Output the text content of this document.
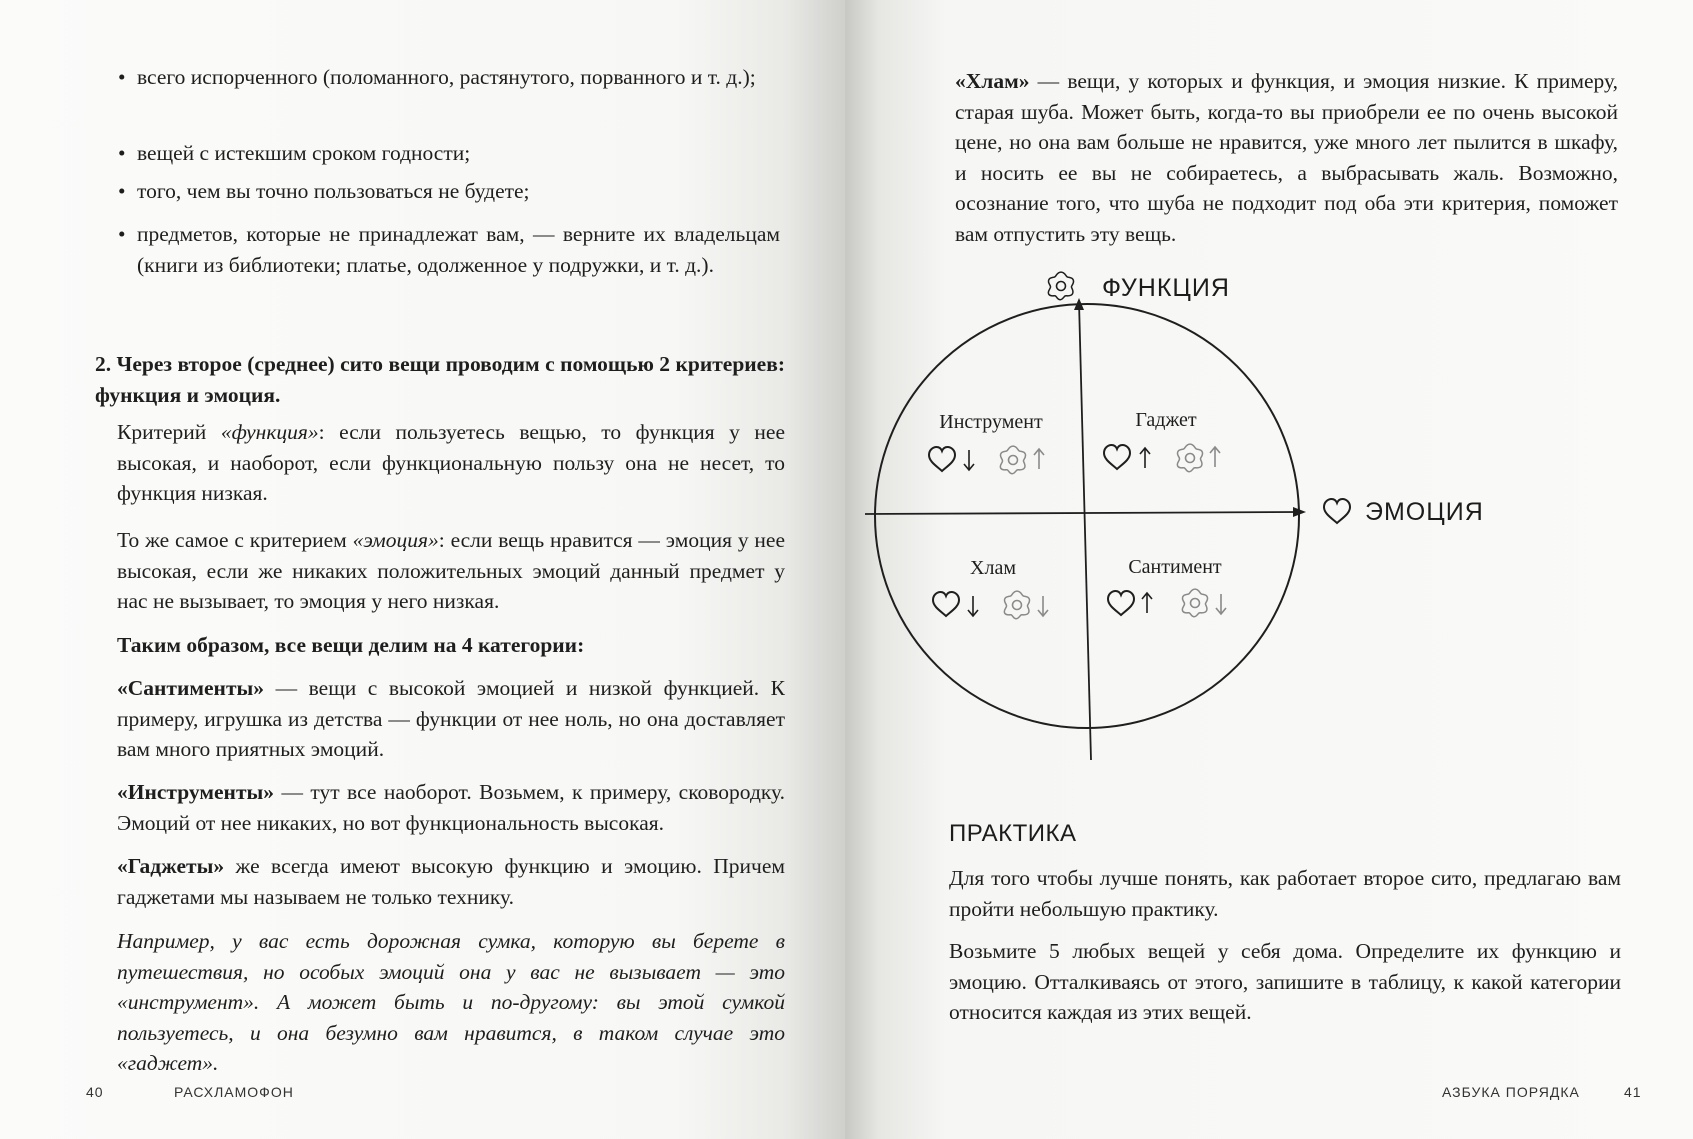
• всего испорченного (поломанного, растянутого, порванного и т. д.);
• вещей с истекшим сроком годности;
• того, чем вы точно пользоваться не будете;
• предметов, которые не принадлежат вам, — верните их владельцам (книги из библиотеки; платье, одолженное у подружки, и т. д.).
2. Через второе (среднее) сито вещи проводим с помощью 2 критериев: функция и эмоция.
Критерий «функция»: если пользуетесь вещью, то функция у нее высокая, и наоборот, если функциональную пользу она не несет, то функция низкая.
То же самое с критерием «эмоция»: если вещь нравится — эмоция у нее высокая, если же никаких положительных эмоций данный предмет у нас не вызывает, то эмоция у него низкая.
Таким образом, все вещи делим на 4 категории:
«Сантименты» — вещи с высокой эмоцией и низкой функцией. К примеру, игрушка из детства — функции от нее ноль, но она доставляет вам много приятных эмоций.
«Инструменты» — тут все наоборот. Возьмем, к примеру, сковородку. Эмоций от нее никаких, но вот функциональность высокая.
«Гаджеты» же всегда имеют высокую функцию и эмоцию. Причем гаджетами мы называем не только технику.
Например, у вас есть дорожная сумка, которую вы берете в путешествия, но особых эмоций она у вас не вызывает — это «инструмент». А может быть и по-другому: вы этой сумкой пользуетесь, и она безумно вам нравится, в таком случае это «гаджет».
40	РАСХЛАМОФОН
«Хлам» — вещи, у которых и функция, и эмоция низкие. К примеру, старая шуба. Может быть, когда-то вы приобрели ее по очень высокой цене, но она вам больше не нравится, уже много лет пылится в шкафу, и носить ее вы не собираетесь, а выбрасывать жаль. Возможно, осознание того, что шуба не подходит под оба эти критерия, поможет вам отпустить эту вещь.
ФУНКЦИЯ
ЭМОЦИЯ
Инструмент	Гаджет
Хлам	Сантимент
ПРАКТИКА
Для того чтобы лучше понять, как работает второе сито, предлагаю вам пройти небольшую практику.
Возьмите 5 любых вещей у себя дома. Определите их функцию и эмоцию. Отталкиваясь от этого, запишите в таблицу, к какой категории относится каждая из этих вещей.
АЗБУКА ПОРЯДКА	41
